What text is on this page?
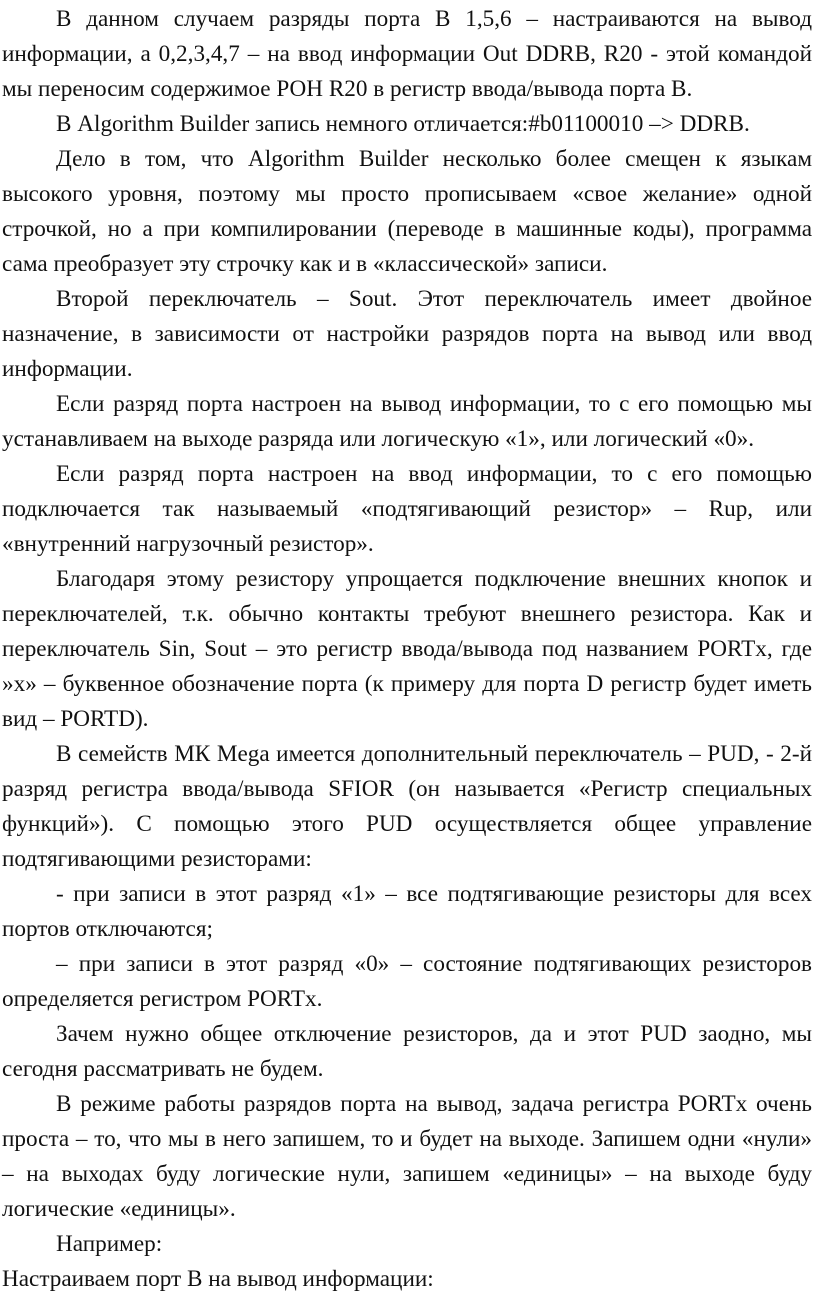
В данном случаем разряды порта В 1,5,6 – настраиваются на вывод информации, а 0,2,3,4,7 – на ввод информации Out DDRB, R20 - этой командой мы переносим содержимое РОН R20 в регистр ввода/вывода порта В.

В Algorithm Builder запись немного отличается:#b01100010 –> DDRB.

Дело в том, что Algorithm Builder несколько более смещен к языкам высокого уровня, поэтому мы просто прописываем «свое желание» одной строчкой, но а при компилировании (переводе в машинные коды), программа сама преобразует эту строчку как и в «классической» записи.

Второй переключатель – Sout. Этот переключатель имеет двойное назначение, в зависимости от настройки разрядов порта на вывод или ввод информации.

Если разряд порта настроен на вывод информации, то с его помощью мы устанавливаем на выходе разряда или логическую «1», или логический «0».

Если разряд порта настроен на ввод информации, то с его помощью подключается так называемый «подтягивающий резистор» – Rup, или «внутренний нагрузочный резистор».

Благодаря этому резистору упрощается подключение внешних кнопок и переключателей, т.к. обычно контакты требуют внешнего резистора. Как и переключатель Sin, Sout – это регистр ввода/вывода под названием PORTx, где »х» – буквенное обозначение порта (к примеру для порта D регистр будет иметь вид – PORTD).

В семейств МК Mega имеется дополнительный переключатель – PUD, - 2-й разряд регистра ввода/вывода SFIOR (он называется «Регистр специальных функций»). С помощью этого PUD осуществляется общее управление подтягивающими резисторами:

- при записи в этот разряд «1» – все подтягивающие резисторы для всех портов отключаются;

– при записи в этот разряд «0» – состояние подтягивающих резисторов определяется регистром PORTx.

Зачем нужно общее отключение резисторов, да и этот PUD заодно, мы сегодня рассматривать не будем.

В режиме работы разрядов порта на вывод, задача регистра PORTx очень проста – то, что мы в него запишем, то и будет на выходе. Запишем одни «нули» – на выходах буду логические нули, запишем «единицы» – на выходе буду логические «единицы».

Например:

Настраиваем порт В на вывод информации:
